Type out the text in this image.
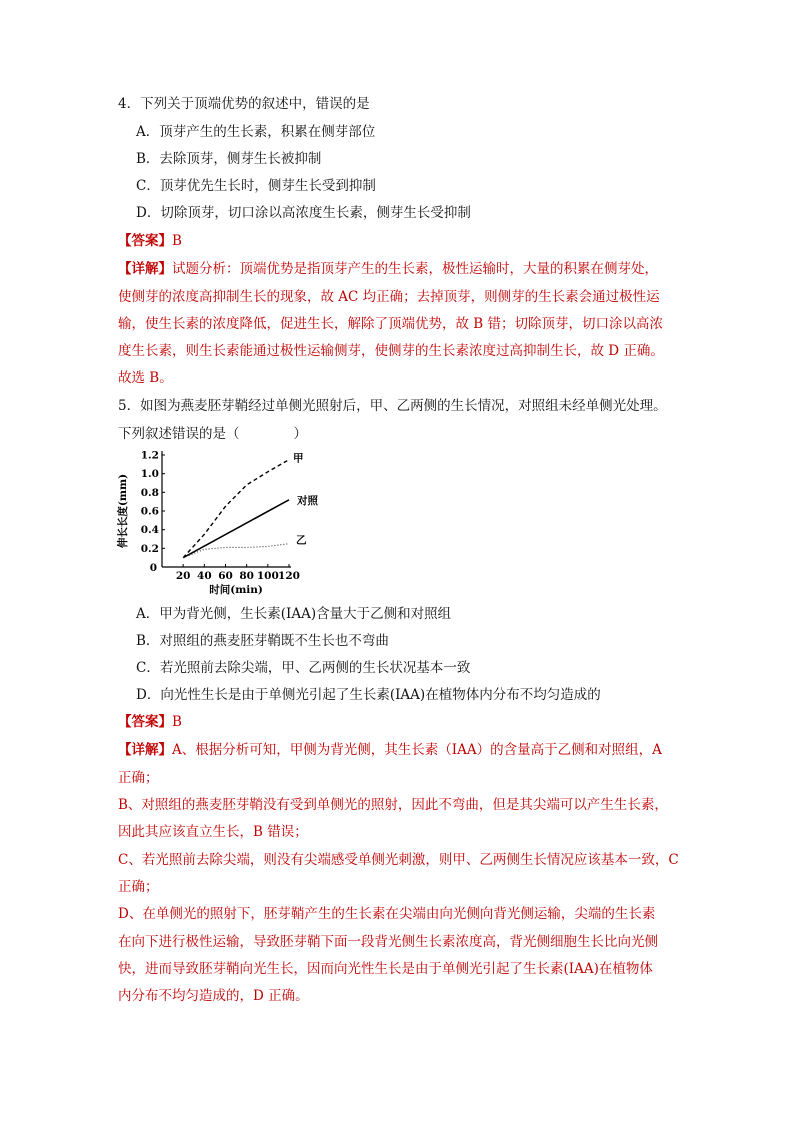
4．下列关于顶端优势的叙述中，错误的是
A．顶芽产生的生长素，积累在侧芽部位
B．去除顶芽，侧芽生长被抑制
C．顶芽优先生长时，侧芽生长受到抑制
D．切除顶芽，切口涂以高浓度生长素，侧芽生长受抑制
【答案】B
【详解】试题分析：顶端优势是指顶芽产生的生长素，极性运输时，大量的积累在侧芽处，
使侧芽的浓度高抑制生长的现象，故 AC 均正确；去掉顶芽，则侧芽的生长素会通过极性运
输，使生长素的浓度降低，促进生长，解除了顶端优势，故 B 错；切除顶芽，切口涂以高浓
度生长素，则生长素能通过极性运输侧芽，使侧芽的生长素浓度过高抑制生长，故 D 正确。
故选 B。
5．如图为燕麦胚芽鞘经过单侧光照射后，甲、乙两侧的生长情况，对照组未经单侧光处理。
下列叙述错误的是（　　　　）
0.2
0.4
0.6
0.8
1.0
1.2
0
20 40 60 80 100 120
甲
对照
乙
时间(min)
伸长长度(mm)
A．甲为背光侧，生长素(IAA)含量大于乙侧和对照组
B．对照组的燕麦胚芽鞘既不生长也不弯曲
C．若光照前去除尖端，甲、乙两侧的生长状况基本一致
D．向光性生长是由于单侧光引起了生长素(IAA)在植物体内分布不均匀造成的
【答案】B
【详解】A、根据分析可知，甲侧为背光侧，其生长素（IAA）的含量高于乙侧和对照组，A
正确；
B、对照组的燕麦胚芽鞘没有受到单侧光的照射，因此不弯曲，但是其尖端可以产生生长素，
因此其应该直立生长，B 错误；
C、若光照前去除尖端，则没有尖端感受单侧光刺激，则甲、乙两侧生长情况应该基本一致，C
正确；
D、在单侧光的照射下，胚芽鞘产生的生长素在尖端由向光侧向背光侧运输，尖端的生长素
在向下进行极性运输，导致胚芽鞘下面一段背光侧生长素浓度高，背光侧细胞生长比向光侧
快，进而导致胚芽鞘向光生长，因而向光性生长是由于单侧光引起了生长素(IAA)在植物体
内分布不均匀造成的，D 正确。
